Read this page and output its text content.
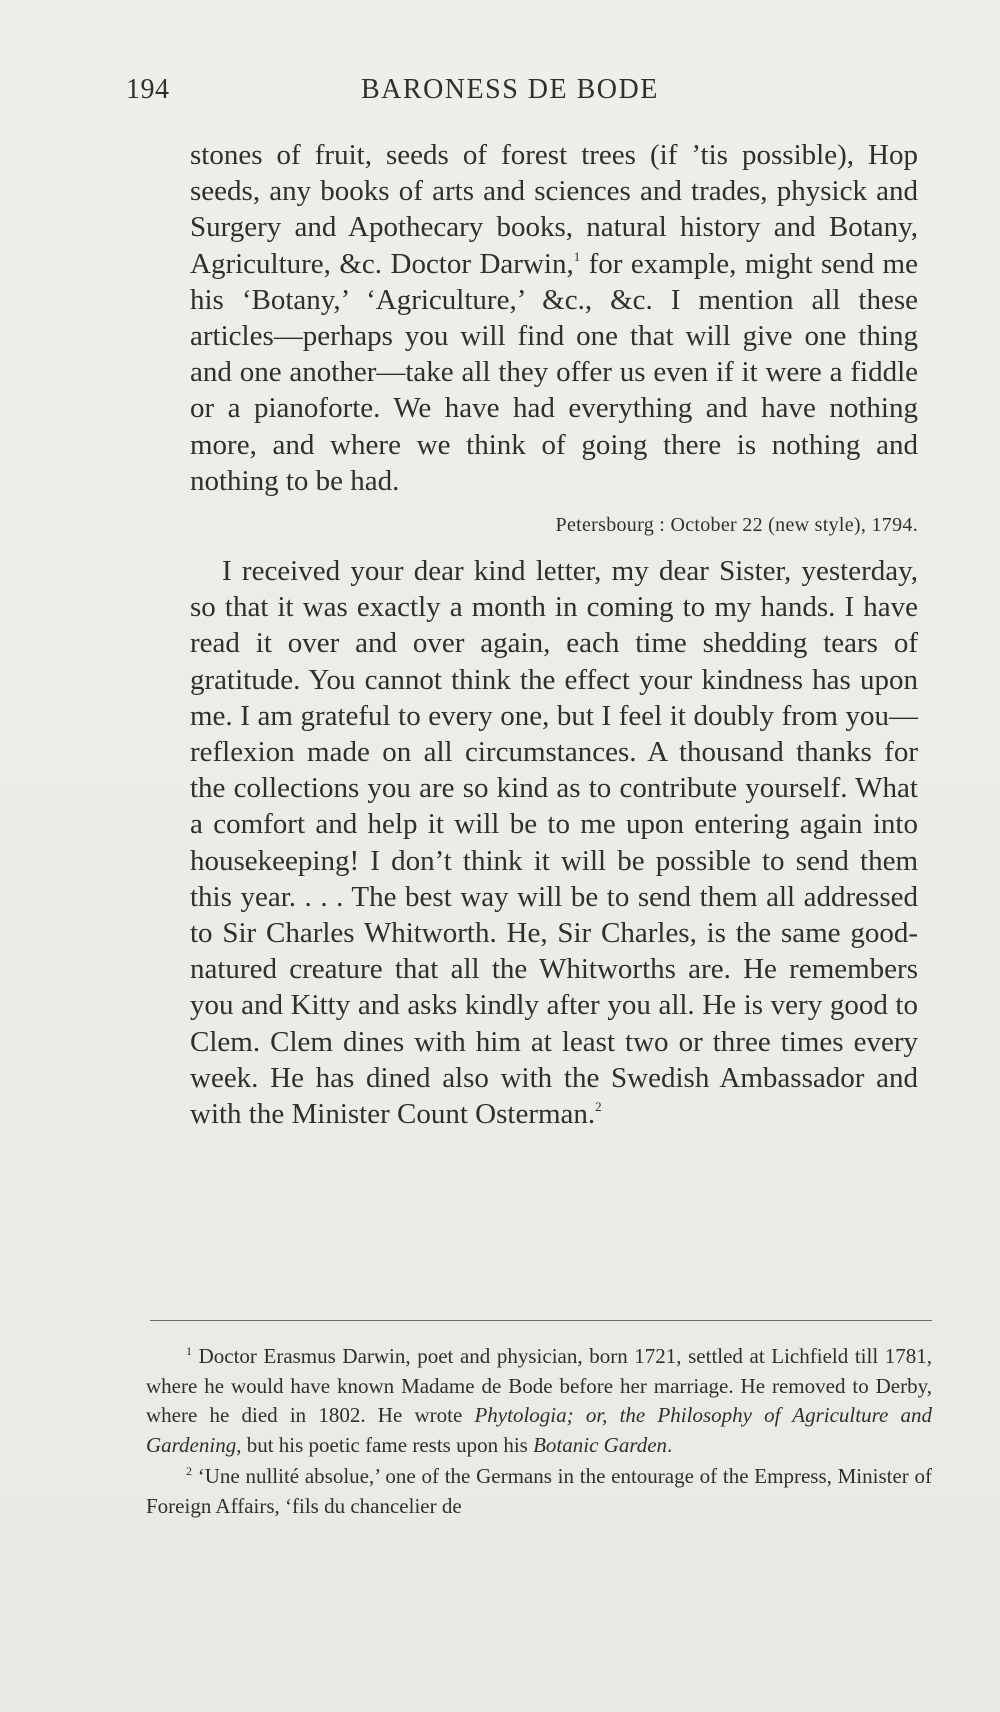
194	BARONESS DE BODE

stones of fruit, seeds of forest trees (if ’tis possible), Hop seeds, any books of arts and sciences and trades, physick and Surgery and Apothecary books, natural history and Botany, Agriculture, &c. Doctor Darwin,$^1$ for example, might send me his ‘Botany,’ ‘Agriculture,’ &c., &c. I mention all these articles—perhaps you will find one that will give one thing and one another—take all they offer us even if it were a fiddle or a pianoforte. We have had everything and have nothing more, and where we think of going there is nothing and nothing to be had.

Petersbourg : October 22 (new style), 1794.

I received your dear kind letter, my dear Sister, yesterday, so that it was exactly a month in coming to my hands. I have read it over and over again, each time shedding tears of gratitude. You cannot think the effect your kindness has upon me. I am grateful to every one, but I feel it doubly from you—reflexion made on all circumstances. A thousand thanks for the collections you are so kind as to contribute yourself. What a comfort and help it will be to me upon entering again into housekeeping! I don’t think it will be possible to send them this year. . . . The best way will be to send them all addressed to Sir Charles Whitworth. He, Sir Charles, is the same good-natured creature that all the Whitworths are. He remembers you and Kitty and asks kindly after you all. He is very good to Clem. Clem dines with him at least two or three times every week. He has dined also with the Swedish Ambassador and with the Minister Count Osterman.$^2$

$^1$ Doctor Erasmus Darwin, poet and physician, born 1721, settled at Lichfield till 1781, where he would have known Madame de Bode before her marriage. He removed to Derby, where he died in 1802. He wrote Phytologia; or, the Philosophy of Agriculture and Gardening, but his poetic fame rests upon his Botanic Garden.

$^2$ ‘Une nullité absolue,’ one of the Germans in the entourage of the Empress, Minister of Foreign Affairs, ‘fils du chancelier de
